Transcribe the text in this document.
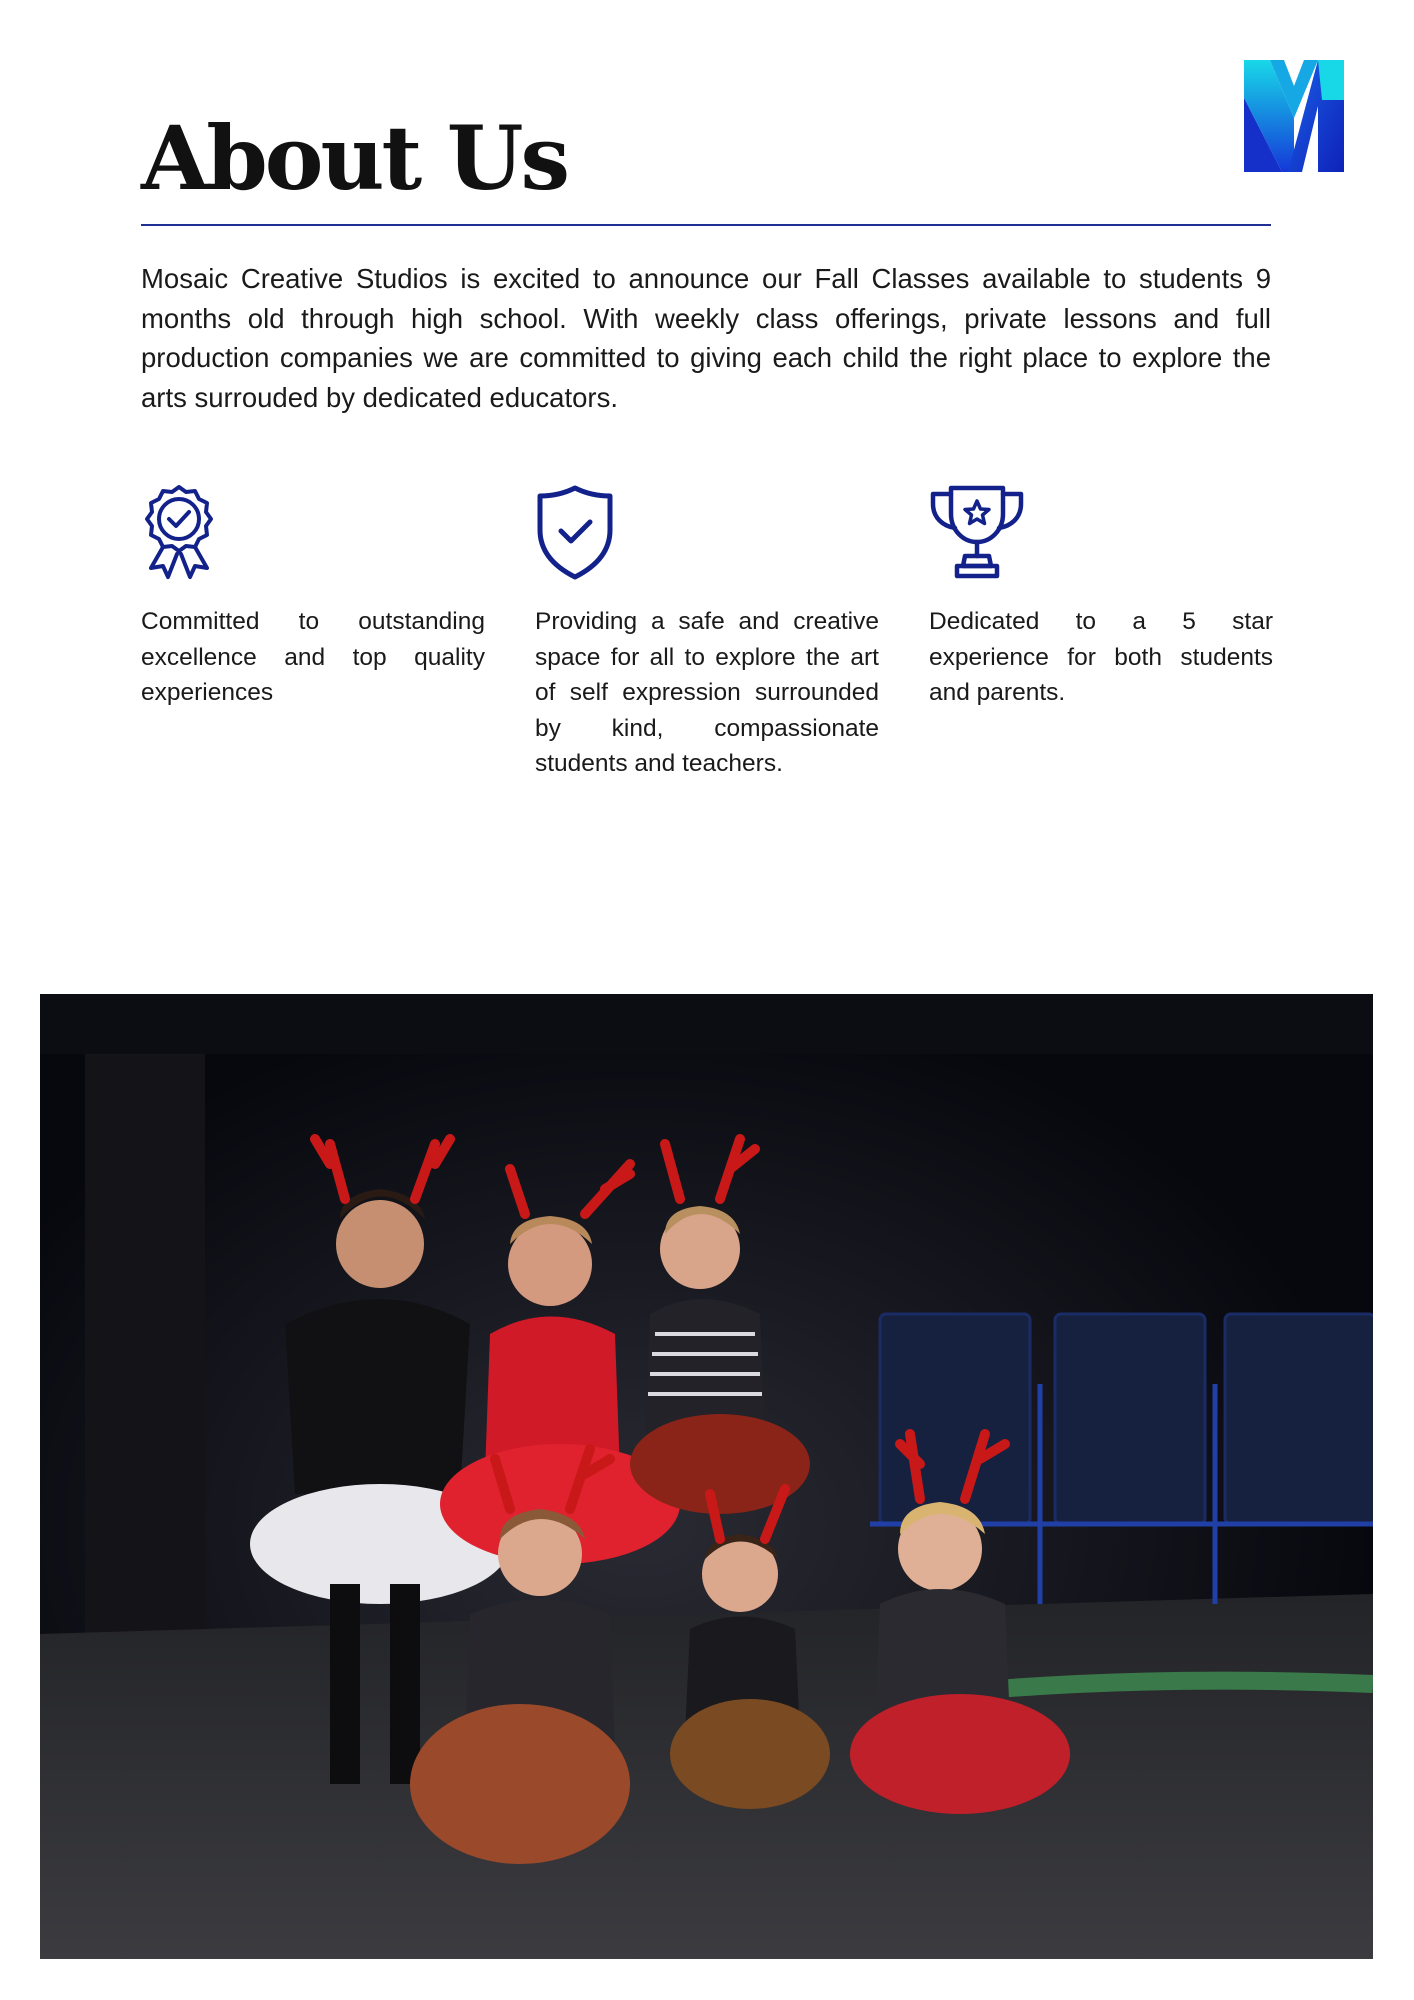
About Us

Mosaic Creative Studios is excited to announce our Fall Classes available to students 9 months old through high school. With weekly class offerings, private lessons and full production companies we are committed to giving each child the right place to explore the arts surrouded by dedicated educators.

Committed to outstanding excellence and top quality experiences

Providing a safe and creative space for all to explore the art of self expression surrounded by kind, compassionate students and teachers.

Dedicated to a 5 star experience for both students and parents.
